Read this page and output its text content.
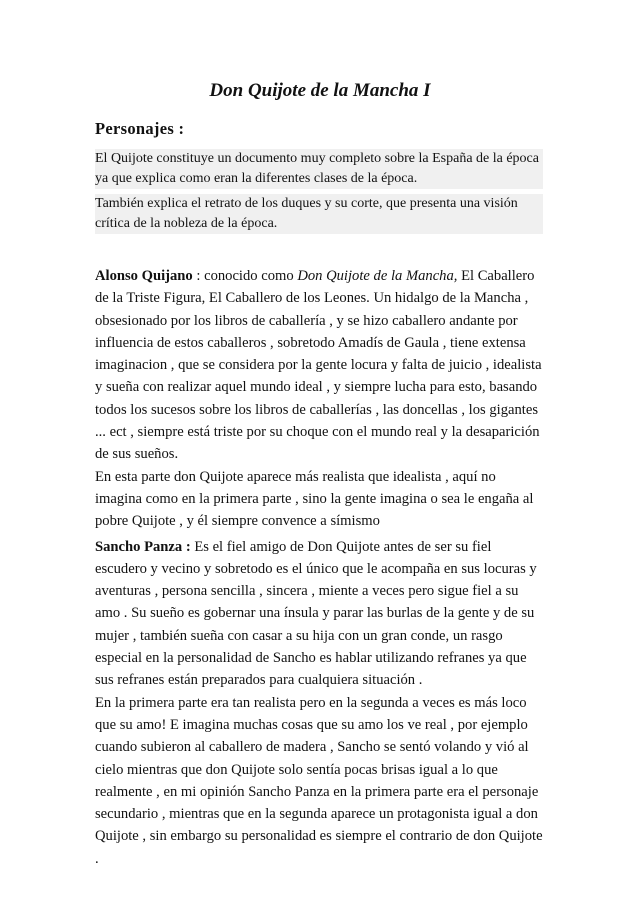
Don Quijote de la Mancha I
Personajes :

El Quijote constituye un documento muy completo sobre la España de la época ya que explica como eran la diferentes clases de la época.

También explica el retrato de los duques y su corte, que presenta una visión crítica de la nobleza de la época.

Alonso Quijano : conocido como Don Quijote de la Mancha, El Caballero de la Triste Figura, El Caballero de los Leones. Un hidalgo de la Mancha , obsesionado por los libros de caballería , y se hizo caballero andante por influencia de estos caballeros , sobretodo Amadís de Gaula , tiene extensa imaginacion , que se considera por la gente locura y falta de juicio , idealista y sueña con realizar aquel mundo ideal , y siempre lucha para esto, basando todos los sucesos sobre los libros de caballerías , las doncellas , los gigantes ... ect , siempre está triste por su choque con el mundo real y la desaparición de sus sueños.

En esta parte don Quijote aparece más realista que idealista , aquí no imagina como en la primera parte , sino la gente imagina o sea le engaña al pobre Quijote , y él siempre convence a símismo

Sancho Panza : Es el fiel amigo de Don Quijote antes de ser su fiel escudero y vecino y sobretodo es el único que le acompaña en sus locuras y aventuras , persona sencilla , sincera , miente a veces pero sigue fiel a su amo . Su sueño es gobernar una ínsula y parar las burlas de la gente y de su mujer , también sueña con casar a su hija con un gran conde, un rasgo especial en la personalidad de Sancho es hablar utilizando refranes ya que sus refranes están preparados para cualquiera situación .

En la primera parte era tan realista pero en la segunda a veces es más loco que su amo! E imagina muchas cosas que su amo los ve real , por ejemplo cuando subieron al caballero de madera , Sancho se sentó volando y vió al cielo mientras que don Quijote solo sentía pocas brisas igual a lo que realmente , en mi opinión Sancho Panza en la primera parte era el personaje secundario , mientras que en la segunda aparece un protagonista igual a don Quijote , sin embargo su personalidad es siempre el contrario de don Quijote .
